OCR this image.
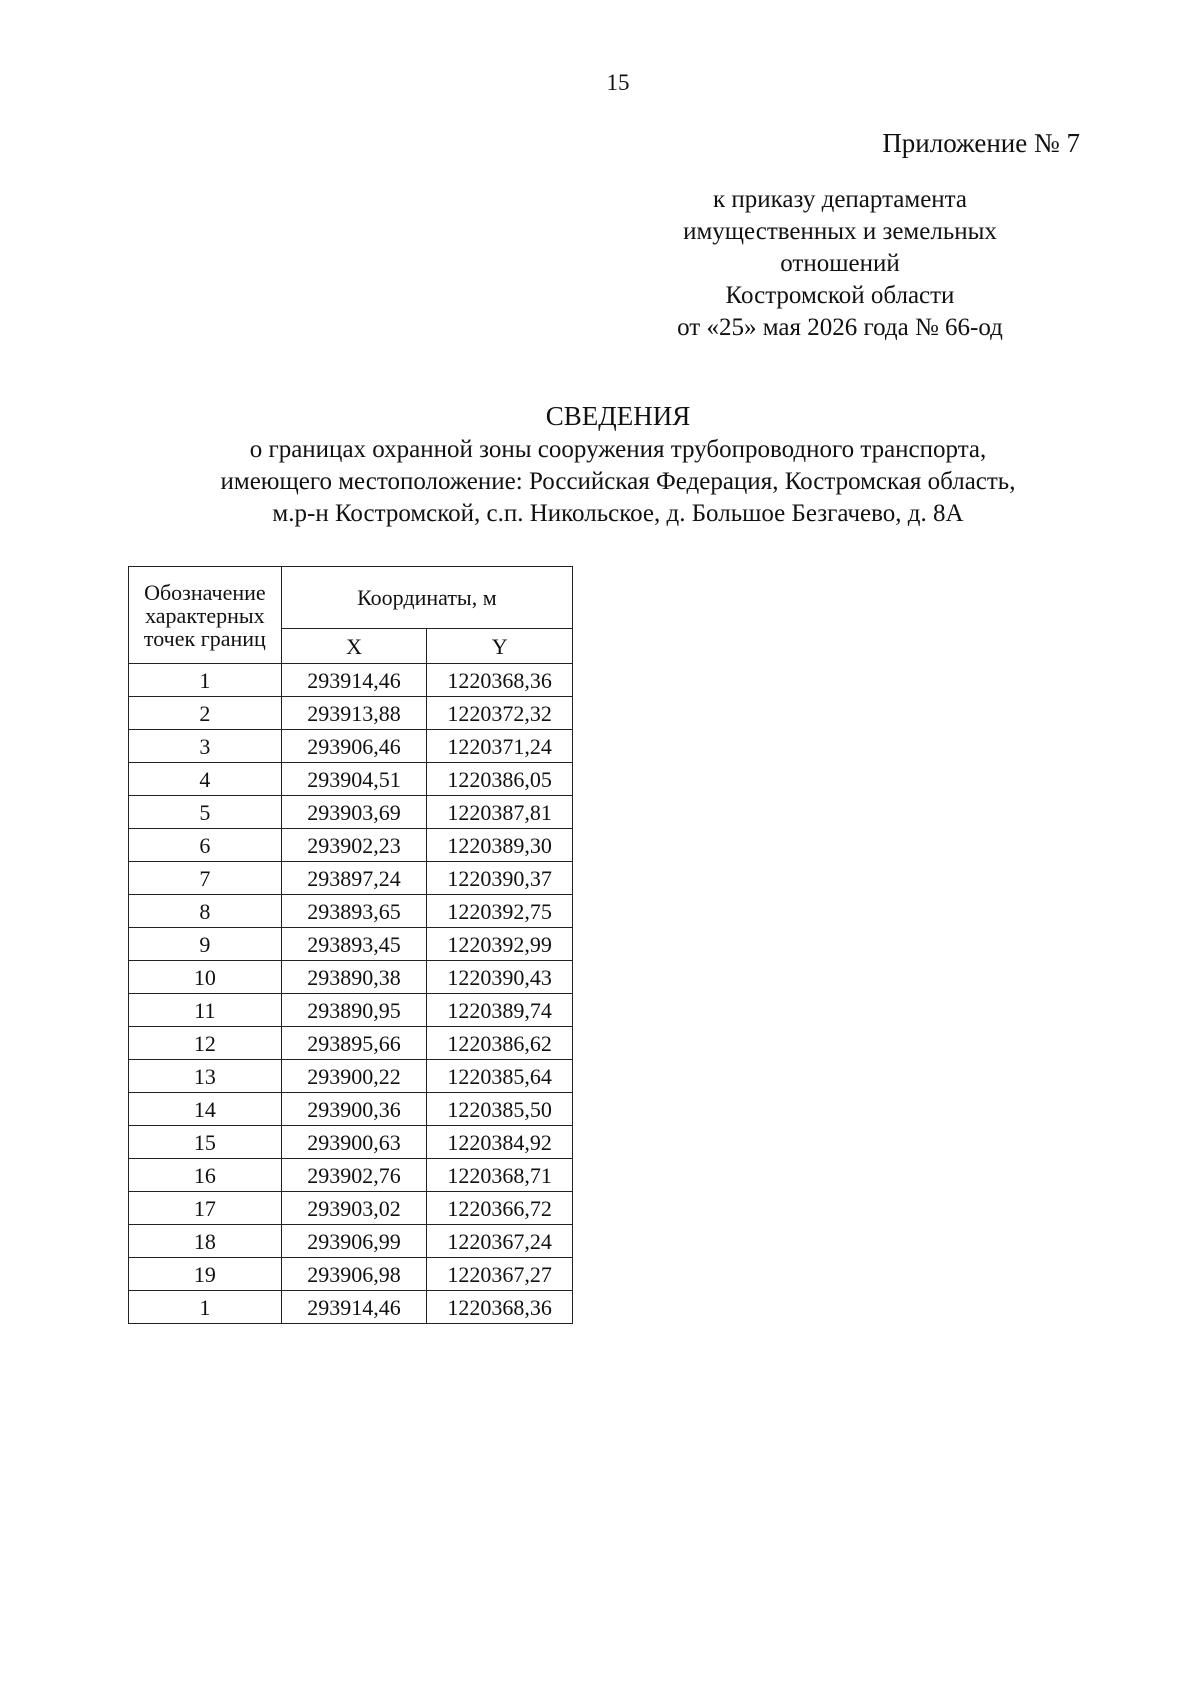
15
Приложение № 7
к приказу департамента
имущественных и земельных
отношений
Костромской области
от «25» мая 2026 года № 66-од
СВЕДЕНИЯ
о границах охранной зоны сооружения трубопроводного транспорта,
имеющего местоположение: Российская Федерация, Костромская область,
м.р-н Костромской, с.п. Никольское, д. Большое Безгачево, д. 8А
Обозначение характерных точек границ	Координаты, м	
	X	Y
1	293914,46	1220368,36
2	293913,88	1220372,32
3	293906,46	1220371,24
4	293904,51	1220386,05
5	293903,69	1220387,81
6	293902,23	1220389,30
7	293897,24	1220390,37
8	293893,65	1220392,75
9	293893,45	1220392,99
10	293890,38	1220390,43
11	293890,95	1220389,74
12	293895,66	1220386,62
13	293900,22	1220385,64
14	293900,36	1220385,50
15	293900,63	1220384,92
16	293902,76	1220368,71
17	293903,02	1220366,72
18	293906,99	1220367,24
19	293906,98	1220367,27
1	293914,46	1220368,36
